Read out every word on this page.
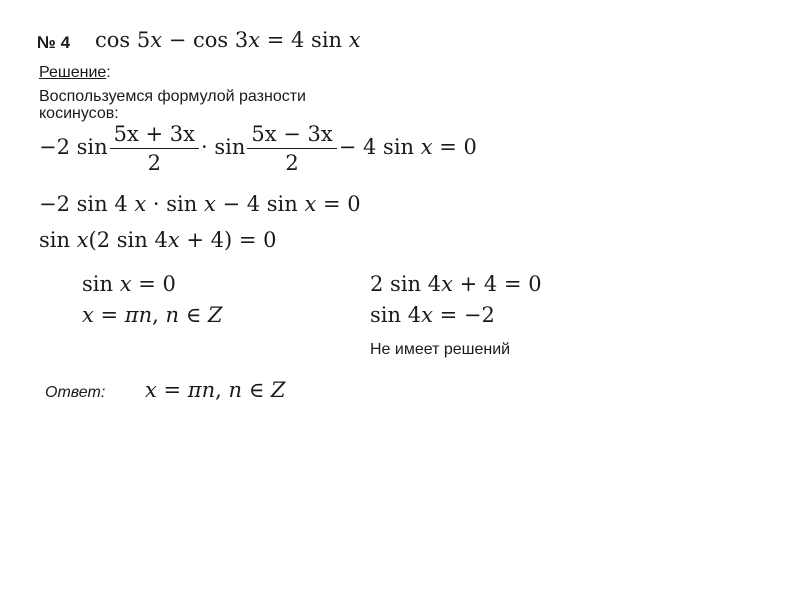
№ 4 cos 5x − cos 3x = 4 sin x
Решение:
Воспользуемся формулой разности
косинусов:
−2 $\sin \frac{5x + 3x}{2} \cdot \sin \frac{5x - 3x}{2} - 4$ sin x = 0
−2 sin 4 x · sin x − 4 sin x = 0
sin x(2 sin 4x + 4) = 0
sin x = 0
x = πn, n ∈ Z
2 sin 4x + 4 = 0
sin 4x = −2
Не имеет решений
Ответ: x = πn, n ∈ Z
